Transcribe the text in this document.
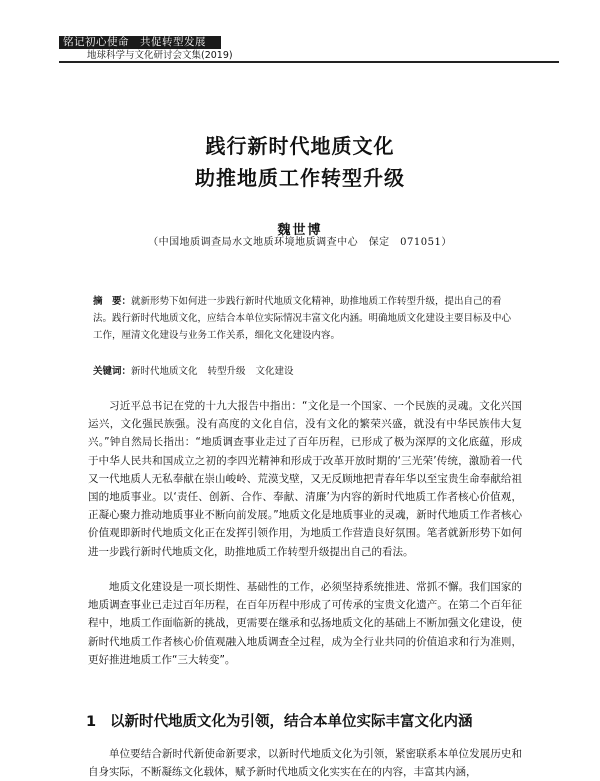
铭记初心使命　共促转型发展
地球科学与文化研讨会文集(2019)
践行新时代地质文化
助推地质工作转型升级
魏世博
（中国地质调查局水文地质环境地质调查中心　保定　071051）
摘　要：就新形势下如何进一步践行新时代地质文化精神，助推地质工作转型升级，提出自己的看法。践行新时代地质文化，应结合本单位实际情况丰富文化内涵。明确地质文化建设主要目标及中心工作，厘清文化建设与业务工作关系，细化文化建设内容。
关键词：新时代地质文化 转型升级 文化建设
习近平总书记在党的十九大报告中指出：“文化是一个国家、一个民族的灵魂。文化兴国运兴，文化强民族强。没有高度的文化自信，没有文化的繁荣兴盛，就没有中华民族伟大复兴。”钟自然局长指出：“地质调查事业走过了百年历程，已形成了极为深厚的文化底蕴，形成于中华人民共和国成立之初的李四光精神和形成于改革开放时期的‘三光荣’传统，激励着一代又一代地质人无私奉献在崇山峻岭、荒漠戈壁，又无反顾地把青春年华以至宝贵生命奉献给祖国的地质事业。以‘责任、创新、合作、奉献、清廉’为内容的新时代地质工作者核心价值观，正凝心聚力推动地质事业不断向前发展。”地质文化是地质事业的灵魂，新时代地质工作者核心价值观即新时代地质文化正在发挥引领作用，为地质工作营造良好氛围。笔者就新形势下如何进一步践行新时代地质文化，助推地质工作转型升级提出自己的看法。
地质文化建设是一项长期性、基础性的工作，必须坚持系统推进、常抓不懈。我们国家的地质调查事业已走过百年历程，在百年历程中形成了可传承的宝贵文化遗产。在第二个百年征程中，地质工作面临新的挑战，更需要在继承和弘扬地质文化的基础上不断加强文化建设，使新时代地质工作者核心价值观融入地质调查全过程，成为全行业共同的价值追求和行为准则，更好推进地质工作“三大转变”。
1 以新时代地质文化为引领，结合本单位实际丰富文化内涵
单位要结合新时代新使命新要求，以新时代地质文化为引领，紧密联系本单位发展历史和自身实际，不断凝练文化载体，赋予新时代地质文化实实在在的内容，丰富其内涵，
